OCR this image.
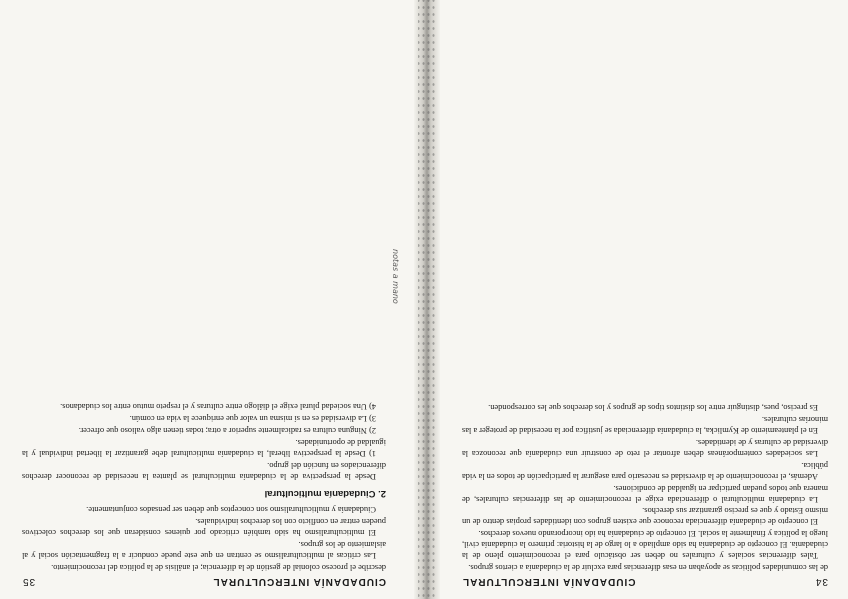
34
CIUDADANÍA INTERCULTURAL

de las comunidades políticas se apoyaban en esas diferencias para excluir de la ciudadanía a ciertos grupos.

Tales diferencias sociales y culturales no deben ser obstáculo para el reconocimiento pleno de la ciudadanía. El concepto de ciudadanía ha sido ampliado a lo largo de la historia: primero la ciudadanía civil, luego la política y finalmente la social. El concepto de ciudadanía ha ido incorporando nuevos derechos.

El concepto de ciudadanía diferenciada reconoce que existen grupos con identidades propias dentro de un mismo Estado y que es preciso garantizar sus derechos.

La ciudadanía multicultural o diferenciada exige el reconocimiento de las diferencias culturales, de manera que todos puedan participar en igualdad de condiciones.

Además, el reconocimiento de la diversidad es necesario para asegurar la participación de todos en la vida pública.

Las sociedades contemporáneas deben afrontar el reto de construir una ciudadanía que reconozca la diversidad de culturas y de identidades.

En el planteamiento de Kymlicka, la ciudadanía diferenciada se justifica por la necesidad de proteger a las minorías culturales.

Es preciso, pues, distinguir entre los distintos tipos de grupos y los derechos que les corresponden.

CIUDADANÍA INTERCULTURAL
35

describe el proceso colonial de gestión de la diferencia; el análisis de la política del reconocimiento.

Las críticas al multiculturalismo se centran en que este puede conducir a la fragmentación social y al aislamiento de los grupos.

El multiculturalismo ha sido también criticado por quienes consideran que los derechos colectivos pueden entrar en conflicto con los derechos individuales.

Ciudadanía y multiculturalismo son conceptos que deben ser pensados conjuntamente.

2. Ciudadanía multicultural

Desde la perspectiva de la ciudadanía multicultural se plantea la necesidad de reconocer derechos diferenciados en función del grupo.

1) Desde la perspectiva liberal, la ciudadanía multicultural debe garantizar la libertad individual y la igualdad de oportunidades.

2) Ninguna cultura es radicalmente superior a otra; todas tienen algo valioso que ofrecer.

3) La diversidad es en sí misma un valor que enriquece la vida en común.

4) Una sociedad plural exige el diálogo entre culturas y el respeto mutuo entre los ciudadanos.

notas a mano
